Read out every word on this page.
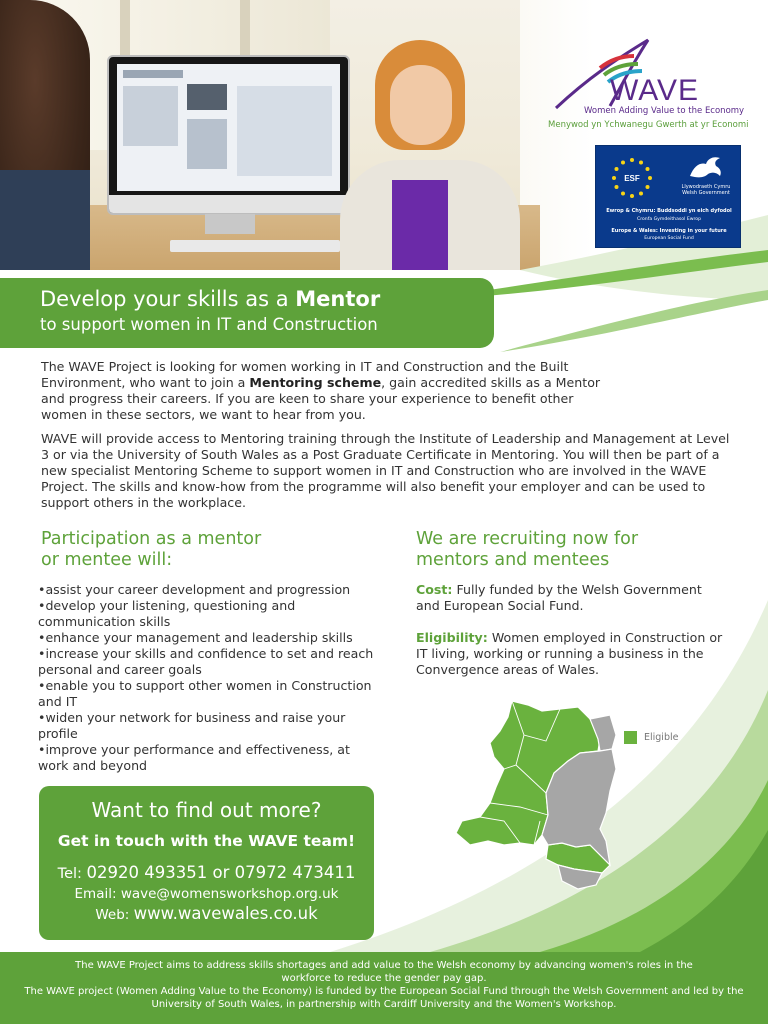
WAVE
Women Adding Value to the Economy
Menywod yn Ychwanegu Gwerth at yr Economi
ESF
Llywodraeth Cymru
Welsh Government
Ewrop & Chymru: Buddsoddi yn eich dyfodol
Cronfa Gymdeithasol Ewrop
Europe & Wales: Investing in your future
European Social Fund
Develop your skills as a Mentor
to support women in IT and Construction

The WAVE Project is looking for women working in IT and Construction and the Built Environment, who want to join a Mentoring scheme, gain accredited skills as a Mentor and progress their careers. If you are keen to share your experience to benefit other women in these sectors, we want to hear from you.

WAVE will provide access to Mentoring training through the Institute of Leadership and Management at Level 3 or via the University of South Wales as a Post Graduate Certificate in Mentoring. You will then be part of a new specialist Mentoring Scheme to support women in IT and Construction who are involved in the WAVE Project. The skills and know-how from the programme will also benefit your employer and can be used to support others in the workplace.

Participation as a mentor
or mentee will:
• assist your career development and progression
• develop your listening, questioning and communication skills
• enhance your management and leadership skills
• increase your skills and confidence to set and reach personal and career goals
• enable you to support other women in Construction and IT
• widen your network for business and raise your profile
• improve your performance and effectiveness, at work and beyond
We are recruiting now for
mentors and mentees

Cost: Fully funded by the Welsh Government and European Social Fund.

Eligibility: Women employed in Construction or IT living, working or running a business in the Convergence areas of Wales.

Eligible
Want to find out more?
Get in touch with the WAVE team!
Tel: 02920 493351 or 07972 473411
Email: wave@womensworkshop.org.uk
Web: www.wavewales.co.uk
The WAVE Project aims to address skills shortages and add value to the Welsh economy by advancing women's roles in the workforce to reduce the gender pay gap.
The WAVE project (Women Adding Value to the Economy) is funded by the European Social Fund through the Welsh Government and led by the University of South Wales, in partnership with Cardiff University and the Women's Workshop.
